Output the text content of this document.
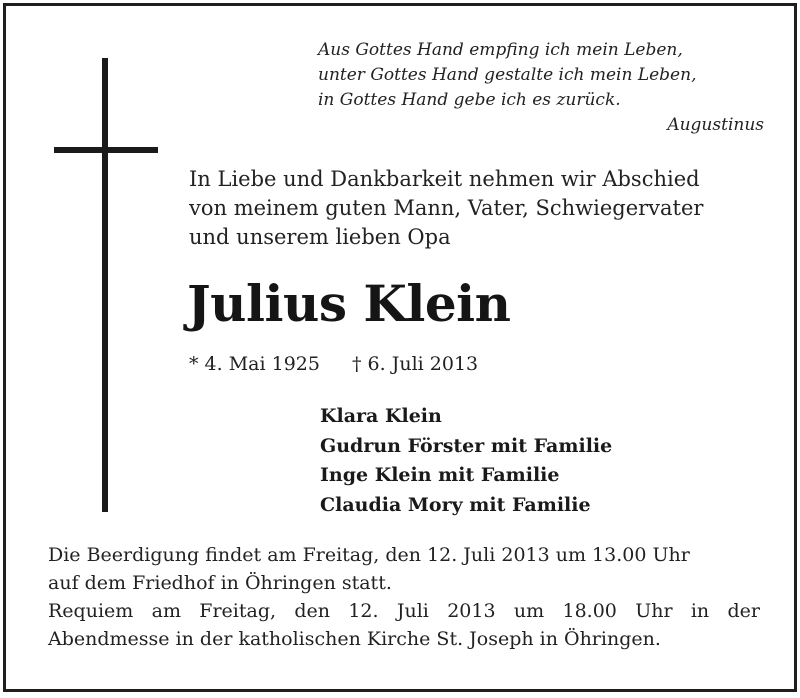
Aus Gottes Hand empfing ich mein Leben,
unter Gottes Hand gestalte ich mein Leben,
in Gottes Hand gebe ich es zurück.
Augustinus
In Liebe und Dankbarkeit nehmen wir Abschied
von meinem guten Mann, Vater, Schwiegervater
und unserem lieben Opa
Julius Klein
* 4. Mai 1925 † 6. Juli 2013
Klara Klein
Gudrun Förster mit Familie
Inge Klein mit Familie
Claudia Mory mit Familie
Die Beerdigung findet am Freitag, den 12. Juli 2013 um 13.00 Uhr
auf dem Friedhof in Öhringen statt.
Requiem am Freitag, den 12. Juli 2013 um 18.00 Uhr in der
Abendmesse in der katholischen Kirche St. Joseph in Öhringen.
